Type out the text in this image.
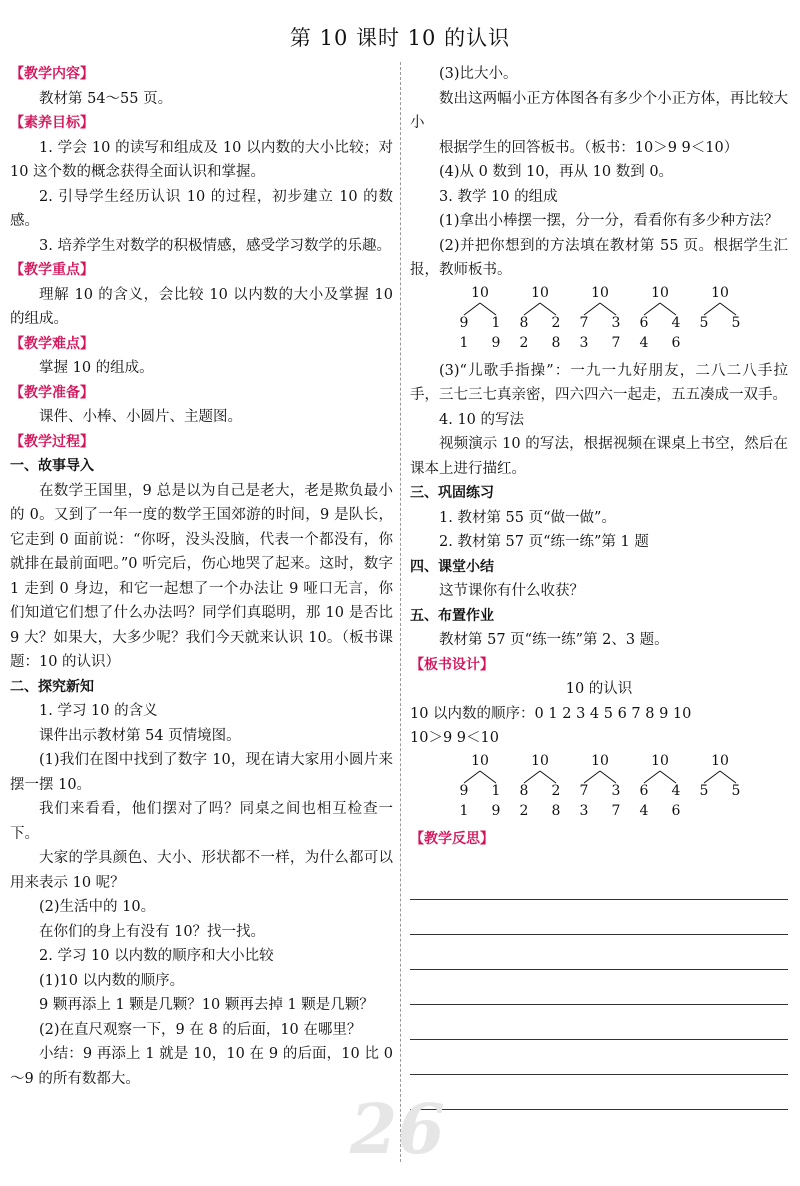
第 10 课时 10 的认识
【教学内容】

教材第 54～55 页。

【素养目标】

1. 学会 10 的读写和组成及 10 以内数的大小比较；对 10 这个数的概念获得全面认识和掌握。

2. 引导学生经历认识 10 的过程，初步建立 10 的数感。

3. 培养学生对数学的积极情感，感受学习数学的乐趣。

【教学重点】

理解 10 的含义，会比较 10 以内数的大小及掌握 10 的组成。

【教学难点】

掌握 10 的组成。

【教学准备】

课件、小棒、小圆片、主题图。

【教学过程】
一、故事导入

在数学王国里，9 总是以为自己是老大，老是欺负最小的 0。又到了一年一度的数学王国郊游的时间，9 是队长，它走到 0 面前说：“你呀，没头没脑，代表一个都没有，你就排在最前面吧。”0 听完后，伤心地哭了起来。这时，数字 1 走到 0 身边，和它一起想了一个办法让 9 哑口无言，你们知道它们想了什么办法吗？同学们真聪明，那 10 是否比 9 大？如果大，大多少呢？我们今天就来认识 10。（板书课题：10 的认识）

二、探究新知

1. 学习 10 的含义

课件出示教材第 54 页情境图。

(1)我们在图中找到了数字 10，现在请大家用小圆片来摆一摆 10。

我们来看看，他们摆对了吗？同桌之间也相互检查一下。

大家的学具颜色、大小、形状都不一样，为什么都可以用来表示 10 呢？

(2)生活中的 10。

在你们的身上有没有 10？找一找。

2. 学习 10 以内数的顺序和大小比较

(1)10 以内数的顺序。

9 颗再添上 1 颗是几颗？10 颗再去掉 1 颗是几颗？

(2)在直尺观察一下，9 在 8 的后面，10 在哪里？

小结：9 再添上 1 就是 10，10 在 9 的后面，10 比 0～9 的所有数都大。

(3)比大小。

数出这两幅小正方体图各有多少个小正方体，再比较大小

根据学生的回答板书。（板书：10＞9 9＜10）

(4)从 0 数到 10，再从 10 数到 0。

3. 教学 10 的组成

(1)拿出小棒摆一摆，分一分，看看你有多少种方法？

(2)并把你想到的方法填在教材第 55 页。根据学生汇报，教师板书。

10
9 1
1 9
10
8 2
2 8
10
7 3
3 7
10
6 4
4 6
10
5 5

(3)“儿歌手指操”：一九一九好朋友，二八二八手拉手，三七三七真亲密，四六四六一起走，五五凑成一双手。

4. 10 的写法

视频演示 10 的写法，根据视频在课桌上书空，然后在课本上进行描红。

三、巩固练习

1. 教材第 55 页“做一做”。

2. 教材第 57 页“练一练”第 1 题

四、课堂小结

这节课你有什么收获？

五、布置作业

教材第 57 页“练一练”第 2、3 题。

【板书设计】

10 的认识

10 以内数的顺序：0 1 2 3 4 5 6 7 8 9 10

10＞9 9＜10

10
9 1
1 9
10
8 2
2 8
10
7 3
3 7
10
6 4
4 6
10
5 5
【教学反思】
26
